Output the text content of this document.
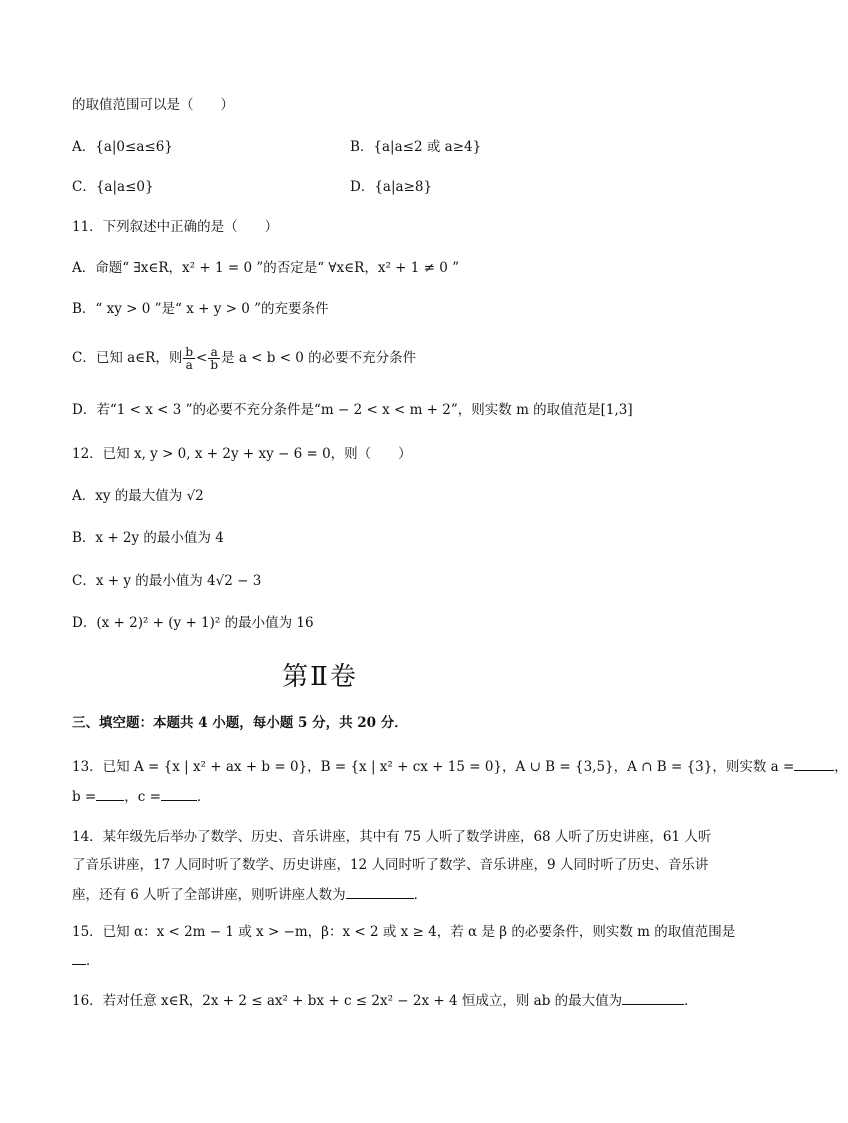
的取值范围可以是（　　）
A．{a|0≤a≤6}	B．{a|a≤2 或 a≥4}
C．{a|a≤0}	D．{a|a≥8}
11．下列叙述中正确的是（　　）
A．命题“ ∃x∈R，x² + 1 = 0 ”的否定是“ ∀x∈R，x² + 1 ≠ 0 ”
B．“ xy > 0 ”是“ x + y > 0 ”的充要条件
C．已知 a∈R，则 $\frac{b}{a} < \frac{a}{b}$ 是 a < b < 0 的必要不充分条件
D．若“1 < x < 3 ”的必要不充分条件是“m − 2 < x < m + 2”，则实数 m 的取值范是[1,3]
12．已知 x, y > 0, x + 2y + xy − 6 = 0，则（　　）
A．xy 的最大值为 √2
B．x + 2y 的最小值为 4
C．x + y 的最小值为 4√2 − 3
D．(x + 2)² + (y + 1)² 的最小值为 16
第Ⅱ卷
三、填空题：本题共 4 小题，每小题 5 分，共 20 分．
13．已知 A = {x | x² + ax + b = 0}，B = {x | x² + cx + 15 = 0}，A ∪ B = {3,5}，A ∩ B = {3}，则实数 a =	，
b = ，c =	．
14．某年级先后举办了数学、历史、音乐讲座，其中有 75 人听了数学讲座，68 人听了历史讲座，61 人听
了音乐讲座，17 人同时听了数学、历史讲座，12 人同时听了数学、音乐讲座，9 人同时听了历史、音乐讲
座，还有 6 人听了全部讲座，则听讲座人数为	．
15．已知 α：x < 2m − 1 或 x > −m，β：x < 2 或 x ≥ 4，若 α 是 β 的必要条件，则实数 m 的取值范围是
．
16．若对任意 x∈R，2x + 2 ≤ ax² + bx + c ≤ 2x² − 2x + 4 恒成立，则 ab 的最大值为	．
